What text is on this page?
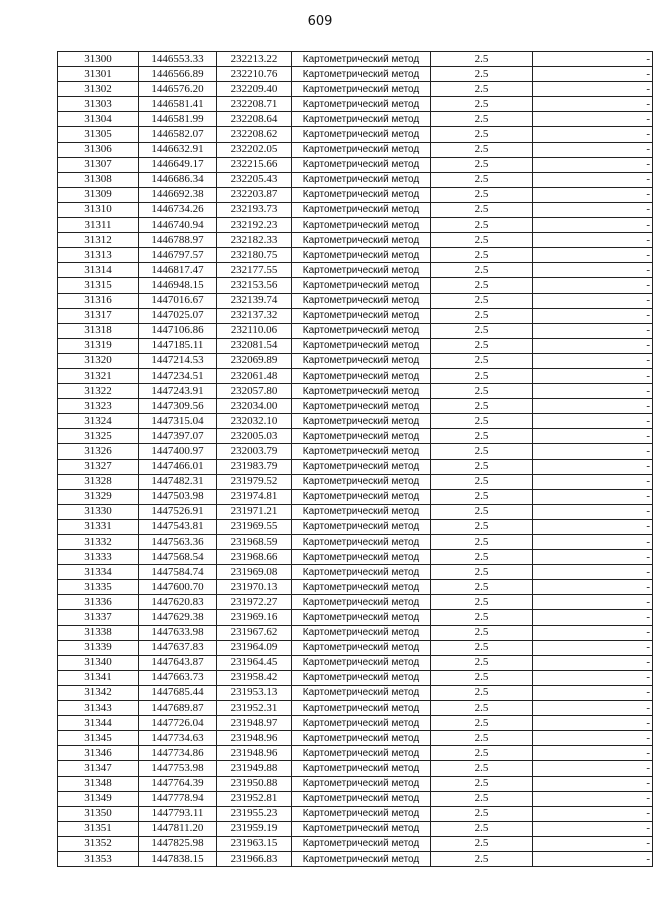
609
31300	1446553.33	232213.22	Картометрический метод	2.5	-
31301	1446566.89	232210.76	Картометрический метод	2.5	-
31302	1446576.20	232209.40	Картометрический метод	2.5	-
31303	1446581.41	232208.71	Картометрический метод	2.5	-
31304	1446581.99	232208.64	Картометрический метод	2.5	-
31305	1446582.07	232208.62	Картометрический метод	2.5	-
31306	1446632.91	232202.05	Картометрический метод	2.5	-
31307	1446649.17	232215.66	Картометрический метод	2.5	-
31308	1446686.34	232205.43	Картометрический метод	2.5	-
31309	1446692.38	232203.87	Картометрический метод	2.5	-
31310	1446734.26	232193.73	Картометрический метод	2.5	-
31311	1446740.94	232192.23	Картометрический метод	2.5	-
31312	1446788.97	232182.33	Картометрический метод	2.5	-
31313	1446797.57	232180.75	Картометрический метод	2.5	-
31314	1446817.47	232177.55	Картометрический метод	2.5	-
31315	1446948.15	232153.56	Картометрический метод	2.5	-
31316	1447016.67	232139.74	Картометрический метод	2.5	-
31317	1447025.07	232137.32	Картометрический метод	2.5	-
31318	1447106.86	232110.06	Картометрический метод	2.5	-
31319	1447185.11	232081.54	Картометрический метод	2.5	-
31320	1447214.53	232069.89	Картометрический метод	2.5	-
31321	1447234.51	232061.48	Картометрический метод	2.5	-
31322	1447243.91	232057.80	Картометрический метод	2.5	-
31323	1447309.56	232034.00	Картометрический метод	2.5	-
31324	1447315.04	232032.10	Картометрический метод	2.5	-
31325	1447397.07	232005.03	Картометрический метод	2.5	-
31326	1447400.97	232003.79	Картометрический метод	2.5	-
31327	1447466.01	231983.79	Картометрический метод	2.5	-
31328	1447482.31	231979.52	Картометрический метод	2.5	-
31329	1447503.98	231974.81	Картометрический метод	2.5	-
31330	1447526.91	231971.21	Картометрический метод	2.5	-
31331	1447543.81	231969.55	Картометрический метод	2.5	-
31332	1447563.36	231968.59	Картометрический метод	2.5	-
31333	1447568.54	231968.66	Картометрический метод	2.5	-
31334	1447584.74	231969.08	Картометрический метод	2.5	-
31335	1447600.70	231970.13	Картометрический метод	2.5	-
31336	1447620.83	231972.27	Картометрический метод	2.5	-
31337	1447629.38	231969.16	Картометрический метод	2.5	-
31338	1447633.98	231967.62	Картометрический метод	2.5	-
31339	1447637.83	231964.09	Картометрический метод	2.5	-
31340	1447643.87	231964.45	Картометрический метод	2.5	-
31341	1447663.73	231958.42	Картометрический метод	2.5	-
31342	1447685.44	231953.13	Картометрический метод	2.5	-
31343	1447689.87	231952.31	Картометрический метод	2.5	-
31344	1447726.04	231948.97	Картометрический метод	2.5	-
31345	1447734.63	231948.96	Картометрический метод	2.5	-
31346	1447734.86	231948.96	Картометрический метод	2.5	-
31347	1447753.98	231949.88	Картометрический метод	2.5	-
31348	1447764.39	231950.88	Картометрический метод	2.5	-
31349	1447778.94	231952.81	Картометрический метод	2.5	-
31350	1447793.11	231955.23	Картометрический метод	2.5	-
31351	1447811.20	231959.19	Картометрический метод	2.5	-
31352	1447825.98	231963.15	Картометрический метод	2.5	-
31353	1447838.15	231966.83	Картометрический метод	2.5	-
